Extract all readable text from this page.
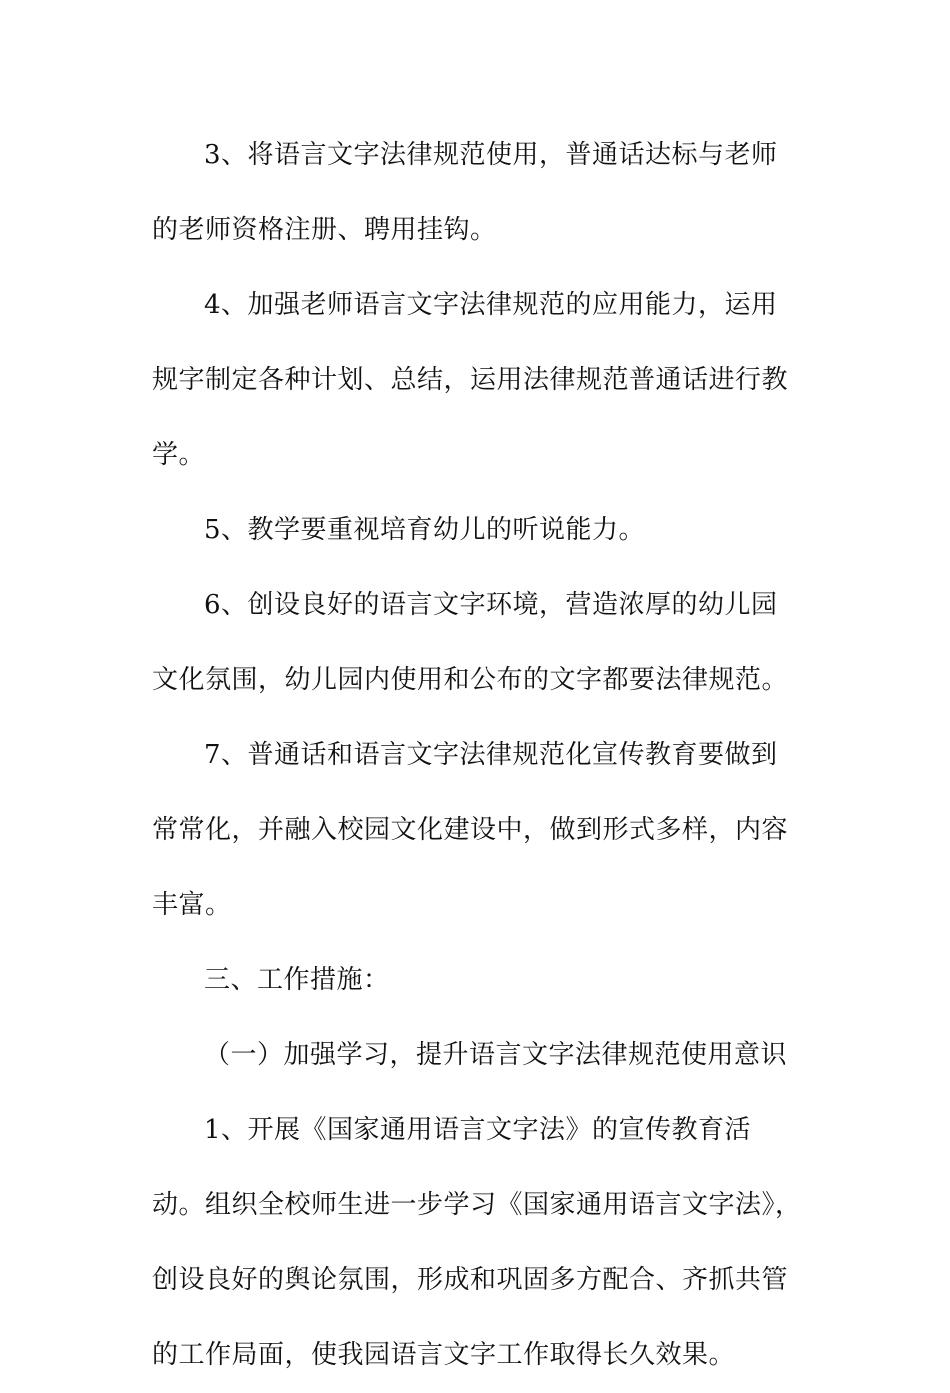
3、将语言文字法律规范使用，普通话达标与老师的老师资格注册、聘用挂钩。

4、加强老师语言文字法律规范的应用能力，运用规字制定各种计划、总结，运用法律规范普通话进行教学。

5、教学要重视培育幼儿的听说能力。

6、创设良好的语言文字环境，营造浓厚的幼儿园文化氛围，幼儿园内使用和公布的文字都要法律规范。

7、普通话和语言文字法律规范化宣传教育要做到常常化，并融入校园文化建设中，做到形式多样，内容丰富。

三、工作措施：

（一）加强学习，提升语言文字法律规范使用意识

1、开展《国家通用语言文字法》的宣传教育活动。组织全校师生进一步学习《国家通用语言文字法》，创设良好的舆论氛围，形成和巩固多方配合、齐抓共管的工作局面，使我园语言文字工作取得长久效果。
